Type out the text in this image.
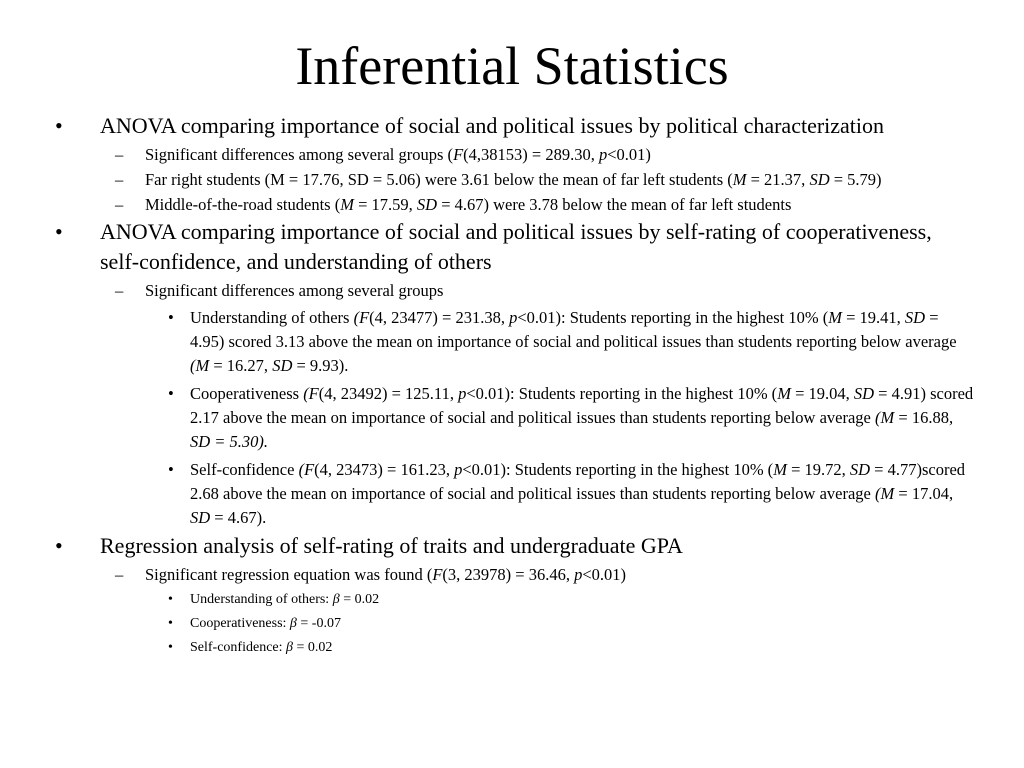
Inferential Statistics
• ANOVA comparing importance of social and political issues by political characterization
– Significant differences among several groups (F(4,38153) = 289.30, p<0.01)
– Far right students (M = 17.76, SD = 5.06) were 3.61 below the mean of far left students (M = 21.37, SD = 5.79)
– Middle-of-the-road students (M = 17.59, SD = 4.67) were 3.78 below the mean of far left students
• ANOVA comparing importance of social and political issues by self-rating of cooperativeness, self-confidence, and understanding of others
– Significant differences among several groups
• Understanding of others (F(4, 23477) = 231.38, p<0.01): Students reporting in the highest 10% (M = 19.41, SD = 4.95) scored 3.13 above the mean on importance of social and political issues than students reporting below average (M = 16.27, SD = 9.93).
• Cooperativeness (F(4, 23492) = 125.11, p<0.01): Students reporting in the highest 10% (M = 19.04, SD = 4.91) scored 2.17 above the mean on importance of social and political issues than students reporting below average (M = 16.88, SD = 5.30).
• Self-confidence (F(4, 23473) = 161.23, p<0.01): Students reporting in the highest 10% (M = 19.72, SD = 4.77)scored 2.68 above the mean on importance of social and political issues than students reporting below average (M = 17.04, SD = 4.67).
• Regression analysis of self-rating of traits and undergraduate GPA
– Significant regression equation was found (F(3, 23978) = 36.46, p<0.01)
• Understanding of others: β = 0.02
• Cooperativeness: β = -0.07
• Self-confidence: β = 0.02
